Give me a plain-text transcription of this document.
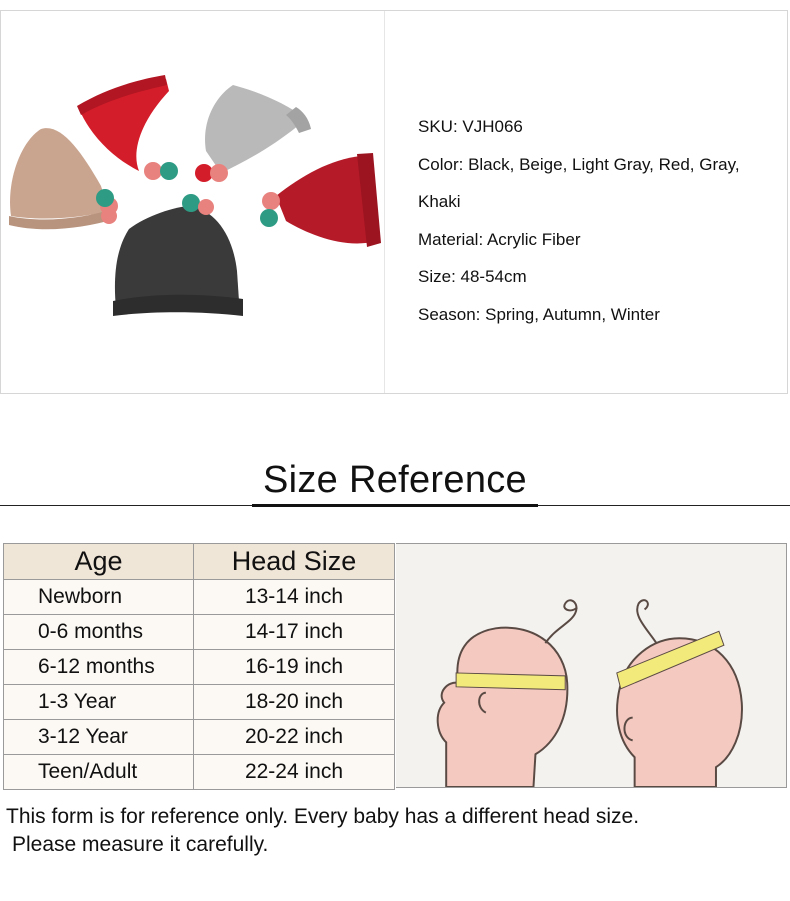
SKU: VJH066
Color: Black, Beige, Light Gray, Red, Gray,
Khaki
Material: Acrylic Fiber
Size: 48-54cm
Season: Spring, Autumn, Winter
Size Reference
Age	Head Size
Newborn	13-14 inch
0-6 months	14-17 inch
6-12 months	16-19 inch
1-3 Year	18-20 inch
3-12 Year	20-22 inch
Teen/Adult	22-24 inch
This form is for reference only. Every baby has a different head size.
Please measure it carefully.
